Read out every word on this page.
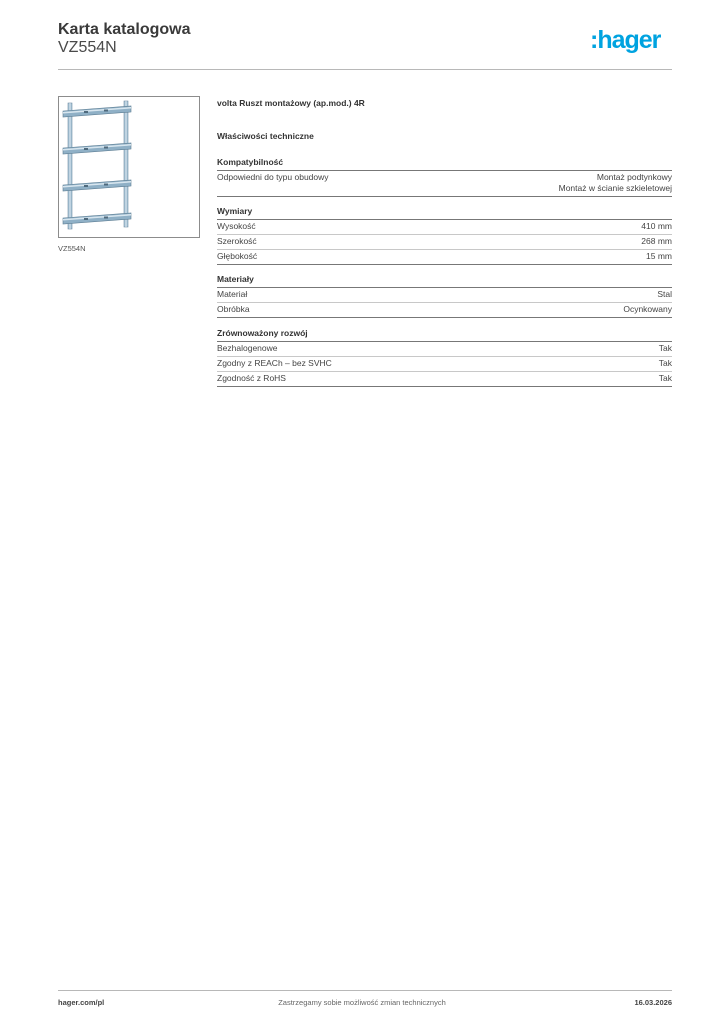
Karta katalogowa
VZ554N	:hager
VZ554N
volta Ruszt montażowy (ap.mod.) 4R
Właściwości techniczne
Kompatybilność
Odpowiedni do typu obudowy	Montaż podtynkowy
Montaż w ścianie szkieletowej
Wymiary
Wysokość	410 mm
Szerokość	268 mm
Głębokość	15 mm
Materiały
Materiał	Stal
Obróbka	Ocynkowany
Zrównoważony rozwój
Bezhalogenowe	Tak
Zgodny z REACh – bez SVHC	Tak
Zgodność z RoHS	Tak
hager.com/pl	Zastrzegamy sobie możliwość zmian technicznych	16.03.2026
